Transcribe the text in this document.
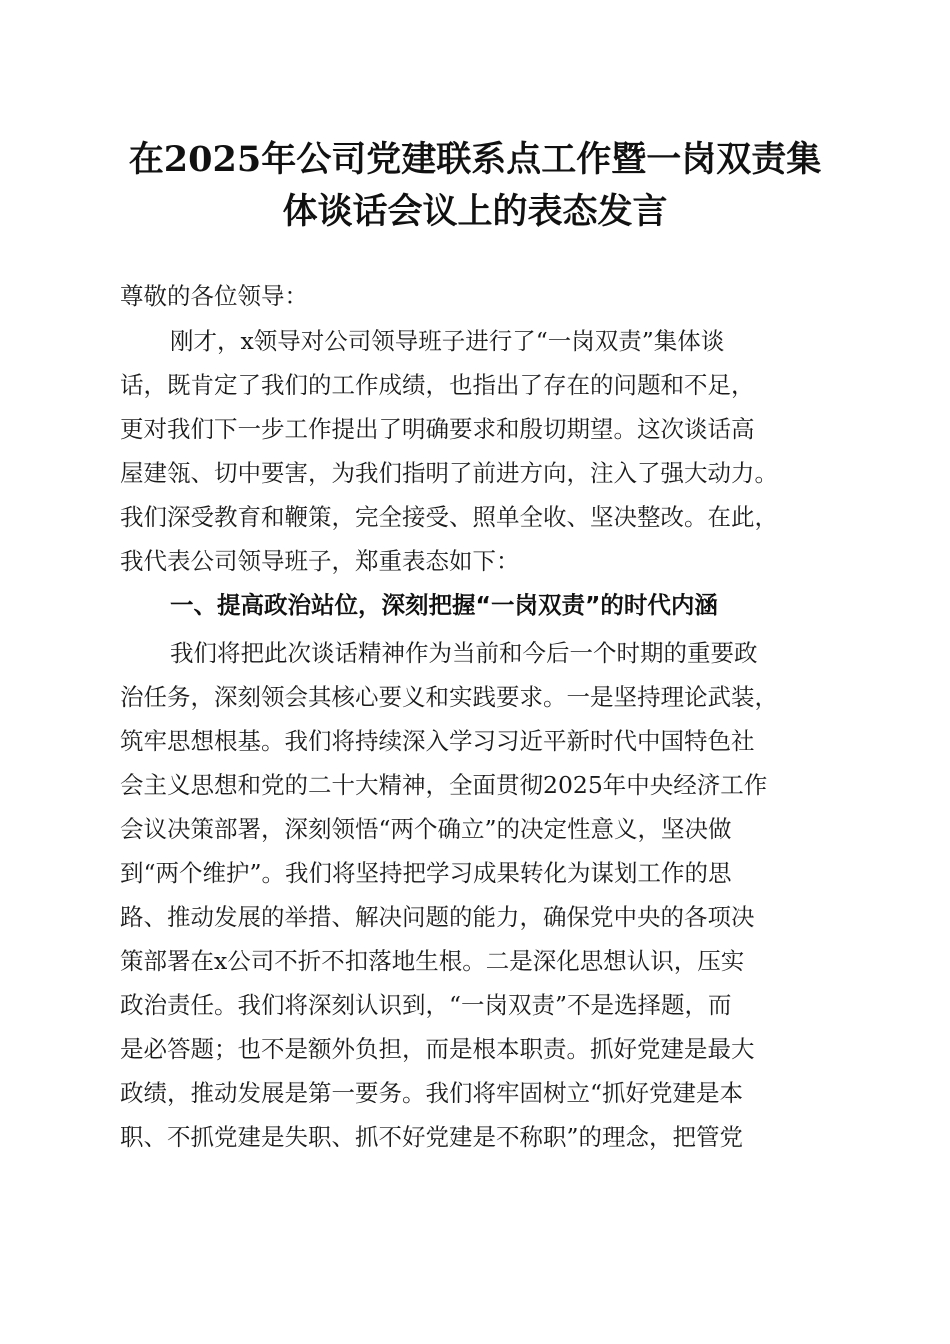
在2025年公司党建联系点工作暨一岗双责集
体谈话会议上的表态发言

尊敬的各位领导：

刚才，x领导对公司领导班子进行了“一岗双责”集体谈

话，既肯定了我们的工作成绩，也指出了存在的问题和不足，

更对我们下一步工作提出了明确要求和殷切期望。这次谈话高

屋建瓴、切中要害，为我们指明了前进方向，注入了强大动力。

我们深受教育和鞭策，完全接受、照单全收、坚决整改。在此，

我代表公司领导班子，郑重表态如下：

一、提高政治站位，深刻把握“一岗双责”的时代内涵

我们将把此次谈话精神作为当前和今后一个时期的重要政

治任务，深刻领会其核心要义和实践要求。一是坚持理论武装，

筑牢思想根基。我们将持续深入学习习近平新时代中国特色社

会主义思想和党的二十大精神，全面贯彻2025年中央经济工作

会议决策部署，深刻领悟“两个确立”的决定性意义，坚决做

到“两个维护”。我们将坚持把学习成果转化为谋划工作的思

路、推动发展的举措、解决问题的能力，确保党中央的各项决

策部署在x公司不折不扣落地生根。二是深化思想认识，压实

政治责任。我们将深刻认识到，“一岗双责”不是选择题，而

是必答题；也不是额外负担，而是根本职责。抓好党建是最大

政绩，推动发展是第一要务。我们将牢固树立“抓好党建是本

职、不抓党建是失职、抓不好党建是不称职”的理念，把管党
